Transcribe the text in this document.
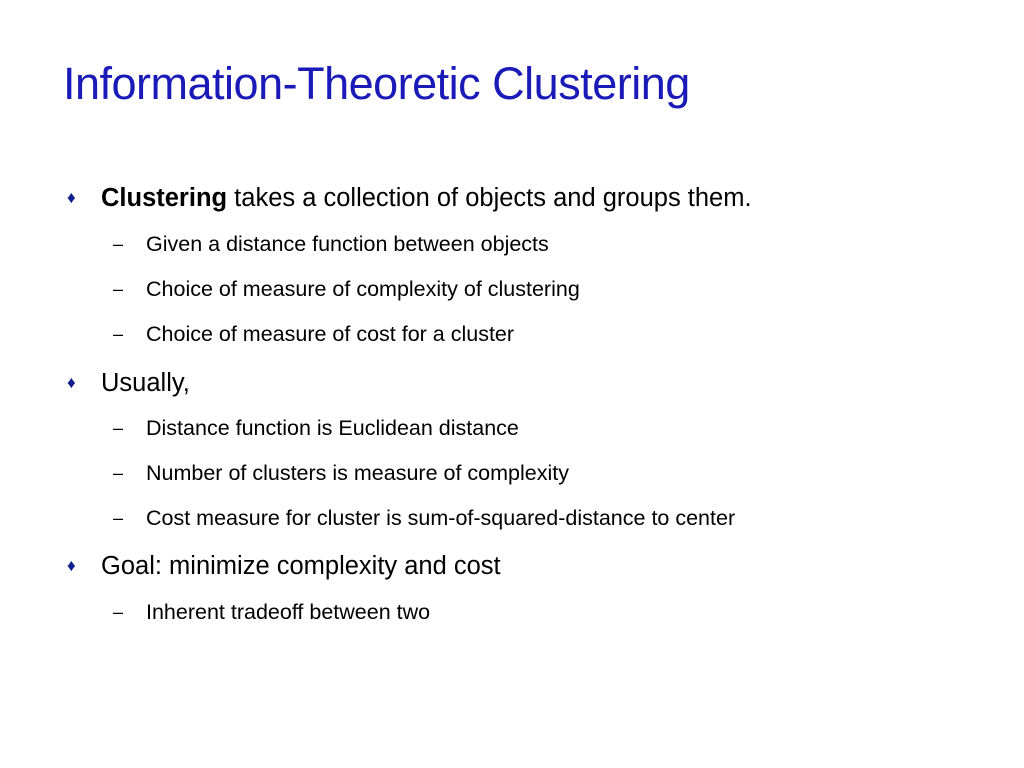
Information-Theoretic Clustering
♦ Clustering takes a collection of objects and groups them.
–	Given a distance function between objects
–	Choice of measure of complexity of clustering
–	Choice of measure of cost for a cluster
♦ Usually,
–	Distance function is Euclidean distance
–	Number of clusters is measure of complexity
–	Cost measure for cluster is sum-of-squared-distance to center
♦ Goal: minimize complexity and cost
–	Inherent tradeoff between two
